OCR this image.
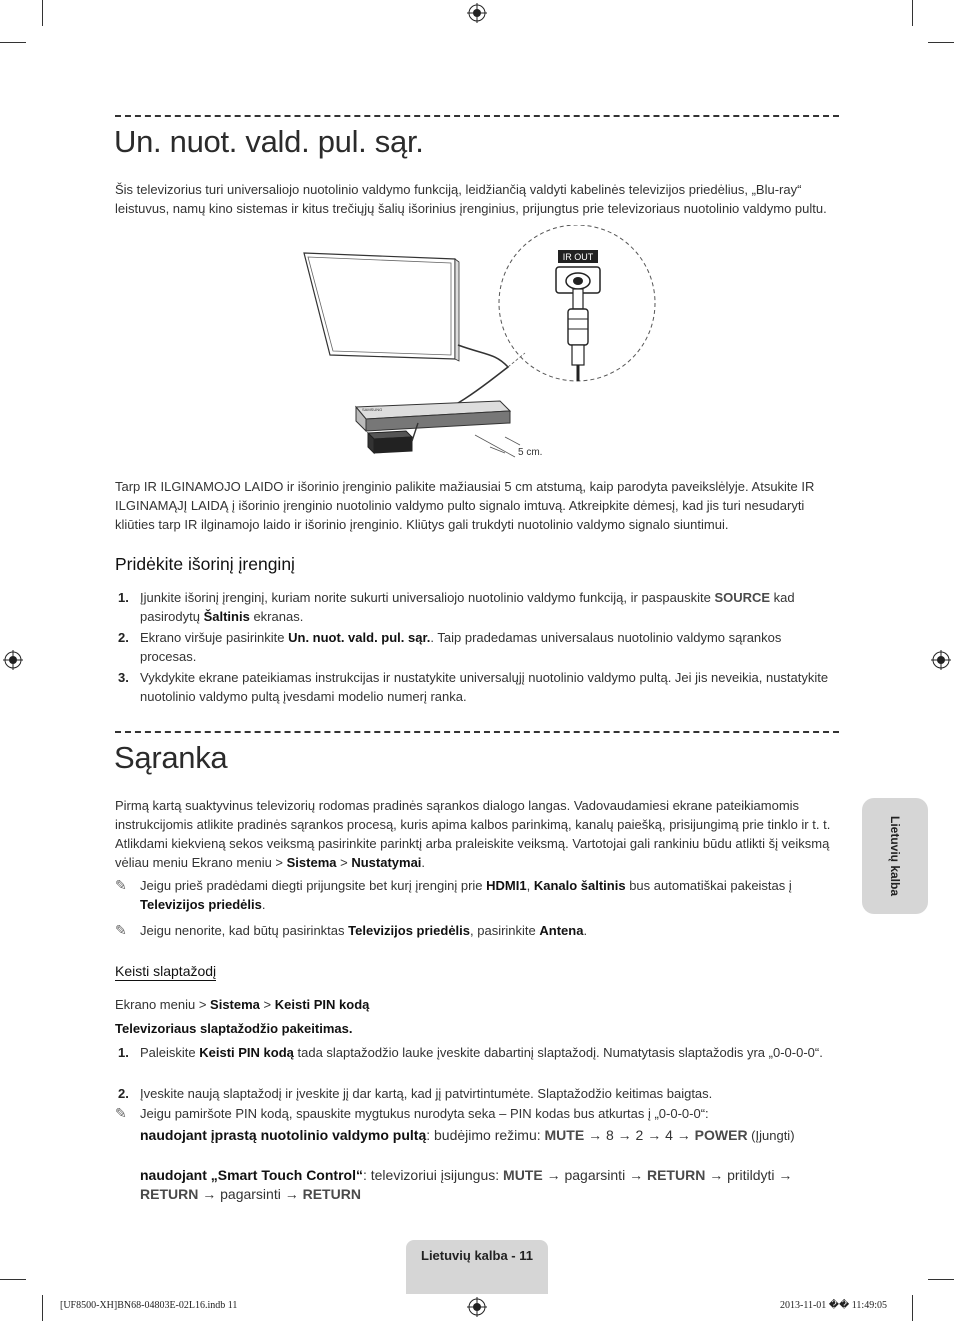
Un. nuot. vald. pul. sąr.

Šis televizorius turi universaliojo nuotolinio valdymo funkciją, leidžiančią valdyti kabelinės televizijos priedėlius, „Blu-ray“ leistuvus, namų kino sistemas ir kitus trečiųjų šalių išorinius įrenginius, prijungtus prie televizoriaus nuotolinio valdymo pultu.

SAMSUNG
5 cm.
IR OUT

Tarp IR ILGINAMOJO LAIDO ir išorinio įrenginio palikite mažiausiai 5 cm atstumą, kaip parodyta paveikslėlyje. Atsukite IR ILGINAMĄJĮ LAIDĄ į išorinio įrenginio nuotolinio valdymo pulto signalo imtuvą. Atkreipkite dėmesį, kad jis turi nesudaryti kliūties tarp IR ilginamojo laido ir išorinio įrenginio. Kliūtys gali trukdyti nuotolinio valdymo signalo siuntimui.

Pridėkite išorinį įrenginį
1. Įjunkite išorinį įrenginį, kuriam norite sukurti universaliojo nuotolinio valdymo funkciją, ir paspauskite SOURCE kad pasirodytų Šaltinis ekranas.
2. Ekrano viršuje pasirinkite Un. nuot. vald. pul. sąr.. Taip pradedamas universalaus nuotolinio valdymo sąrankos procesas.
3. Vykdykite ekrane pateikiamas instrukcijas ir nustatykite universalųjį nuotolinio valdymo pultą. Jei jis neveikia, nustatykite nuotolinio valdymo pultą įvesdami modelio numerį ranka.
Sąranka

Pirmą kartą suaktyvinus televizorių rodomas pradinės sąrankos dialogo langas. Vadovaudamiesi ekrane pateikiamomis instrukcijomis atlikite pradinės sąrankos procesą, kuris apima kalbos parinkimą, kanalų paiešką, prisijungimą prie tinklo ir t. t. Atlikdami kiekvieną sekos veiksmą pasirinkite parinktį arba praleiskite veiksmą. Vartotojai gali rankiniu būdu atlikti šį veiksmą vėliau meniu Ekrano meniu > Sistema > Nustatymai.

✎ Jeigu prieš pradėdami diegti prijungsite bet kurį įrenginį prie HDMI1, Kanalo šaltinis bus automatiškai pakeistas į Televizijos priedėlis.
✎ Jeigu nenorite, kad būtų pasirinktas Televizijos priedėlis, pasirinkite Antena.
Keisti slaptažodį
Ekrano meniu > Sistema > Keisti PIN kodą
Televizoriaus slaptažodžio pakeitimas.
1. Paleiskite Keisti PIN kodą tada slaptažodžio lauke įveskite dabartinį slaptažodį. Numatytasis slaptažodis yra „0-0-0-0“.
2. Įveskite naują slaptažodį ir įveskite jį dar kartą, kad jį patvirtintumėte. Slaptažodžio keitimas baigtas.
✎ Jeigu pamiršote PIN kodą, spauskite mygtukus nurodyta seka – PIN kodas bus atkurtas į „0-0-0-0“:
naudojant įprastą nuotolinio valdymo pultą: budėjimo režimu: MUTE → 8 → 2 → 4 → POWER (Įjungti)
naudojant „Smart Touch Control“: televizoriui įsijungus: MUTE → pagarsinti → RETURN → pritildyti → RETURN → pagarsinti → RETURN
Lietuvių kalba
Lietuvių kalba - 11
[UF8500-XH]BN68-04803E-02L16.indb 11	2013-11-01 �� 11:49:05
